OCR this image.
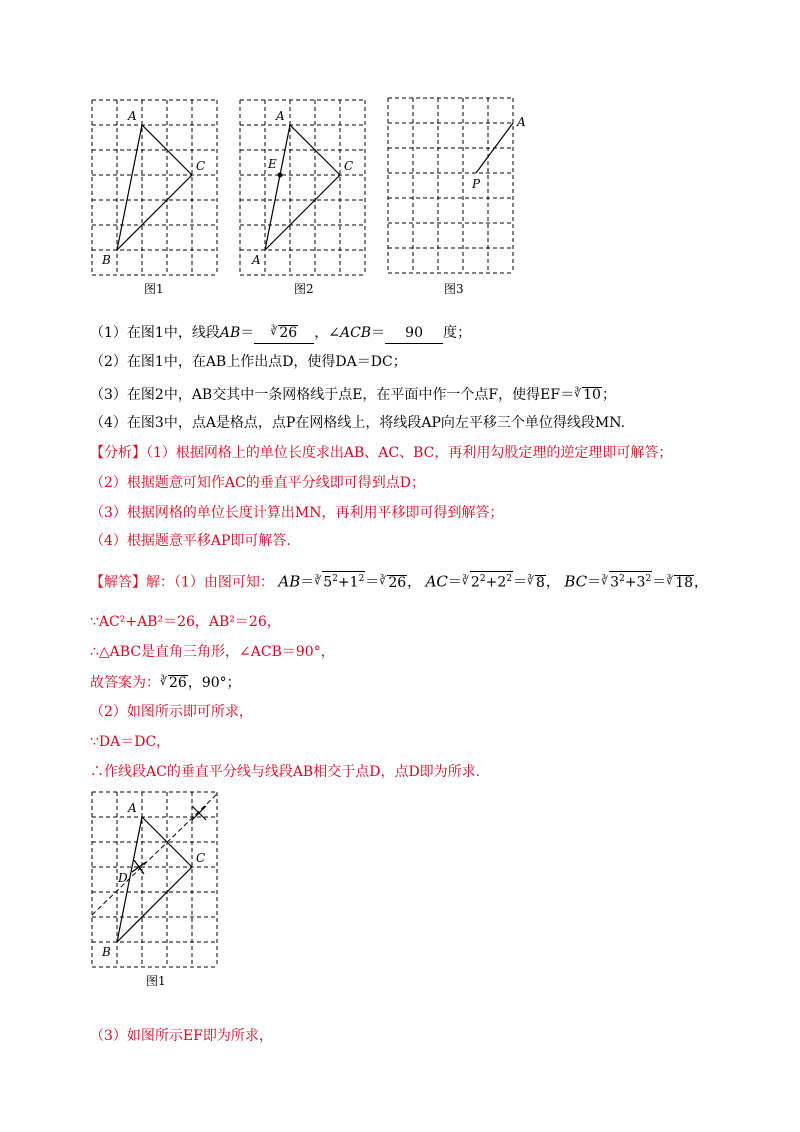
A
C
B
图1
A
C
E
A
图2
A
P
图3
（1）在图1中，线段AB＝ ∛ 26 ，∠ACB＝ 90 度；
（2）在图1中，在AB上作出点D，使得DA＝DC；
（3）在图2中，AB交其中一条网格线于点E，在平面中作一个点F，使得EF＝∛ 10；
（4）在图3中，点A是格点，点P在网格线上，将线段AP向左平移三个单位得线段MN.
【分析】（1）根据网格上的单位长度求出AB、AC、BC，再利用勾股定理的逆定理即可解答；
（2）根据题意可知作AC的垂直平分线即可得到点D；
（3）根据网格的单位长度计算出MN，再利用平移即可得到解答；
（4）根据题意平移AP即可解答.
【解答】解：（1）由图可知： AB＝∛ $5^2+1^2=∛$ 26， AC＝∛ $2^2+2^2=∛$ 8， BC＝∛ $3^2+3^2=∛$ 18，
∵AC²+AB²＝26，AB²＝26，
∴△ABC是直角三角形，∠ACB＝90°，
故答案为：∛ 26，90°；
（2）如图所示即可所求，
∵DA＝DC，
∴作线段AC的垂直平分线与线段AB相交于点D，点D即为所求.
A
C
D
B
图1
（3）如图所示EF即为所求，
